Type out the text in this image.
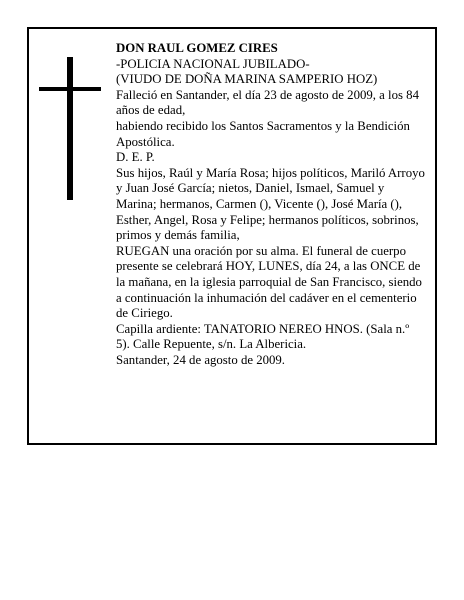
DON RAUL GOMEZ CIRES

-POLICIA NACIONAL JUBILADO-

(VIUDO DE DOÑA MARINA SAMPERIO HOZ)

Falleció en Santander, el día 23 de agosto de 2009, a los 84 años de edad,

habiendo recibido los Santos Sacramentos y la Bendición Apostólica.

D. E. P.

Sus hijos, Raúl y María Rosa; hijos políticos, Mariló Arroyo y Juan José García; nietos, Daniel, Ismael, Samuel y Marina; hermanos, Carmen (), Vicente (), José María (), Esther, Angel, Rosa y Felipe; hermanos políticos, sobrinos, primos y demás familia,

RUEGAN una oración por su alma. El funeral de cuerpo presente se celebrará HOY, LUNES, día 24, a las ONCE de la mañana, en la iglesia parroquial de San Francisco, siendo a continuación la inhumación del cadáver en el cementerio de Ciriego.

Capilla ardiente: TANATORIO NEREO HNOS. (Sala n.º 5). Calle Repuente, s/n. La Albericia.

Santander, 24 de agosto de 2009.
